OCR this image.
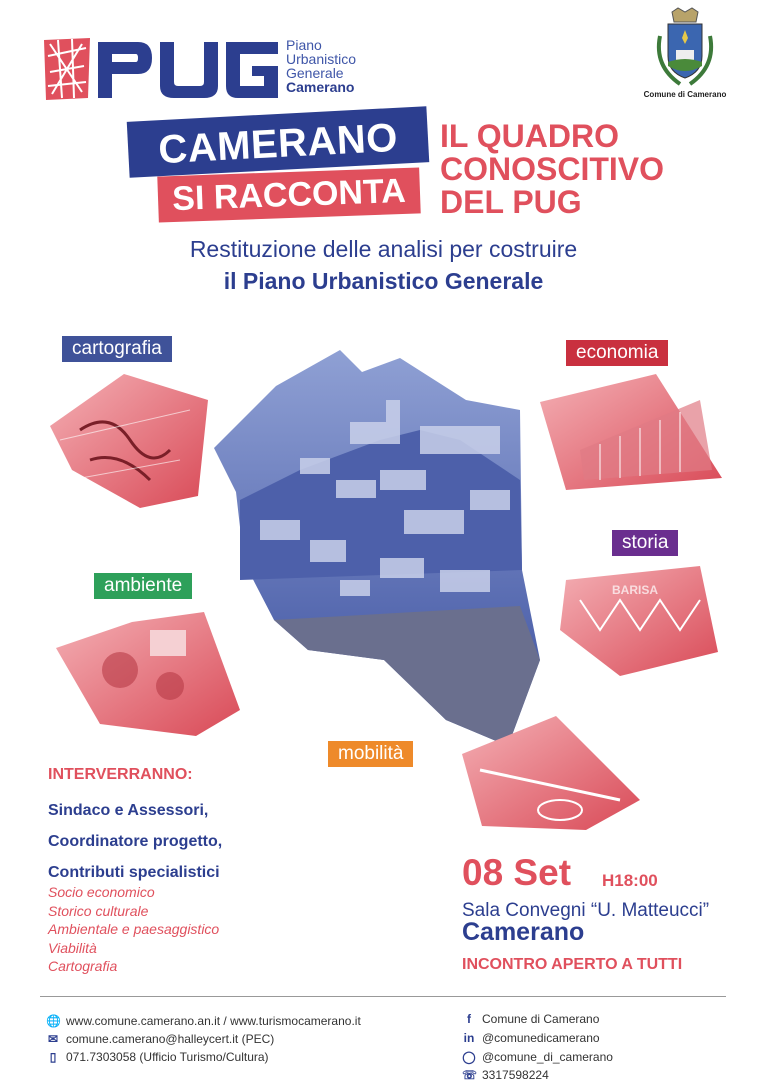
Piano
Urbanistico
Generale
Camerano	Comune di Camerano
CAMERANO
SI RACCONTA
IL QUADRO
CONOSCITIVO
DEL PUG
Restituzione delle analisi per costruire
il Piano Urbanistico Generale
BARISA
cartografia	economia
storia
ambiente
mobilità
INTERVERRANNO:
Sindaco e Assessori,
Coordinatore progetto,
Contributi specialistici
Socio economico
Storico culturale
Ambientale e paesaggistico
Viabilità
Cartografia
08 Set H18:00
Sala Convegni “U. Matteucci”
Camerano
INCONTRO APERTO A TUTTI
🌐 www.comune.camerano.an.it / www.turismocamerano.it
✉ comune.camerano@halleycert.it (PEC)
▯ 071.7303058 (Ufficio Turismo/Cultura)
f Comune di Camerano
in @comunedicamerano
◯ @comune_di_camerano
☏ 3317598224
